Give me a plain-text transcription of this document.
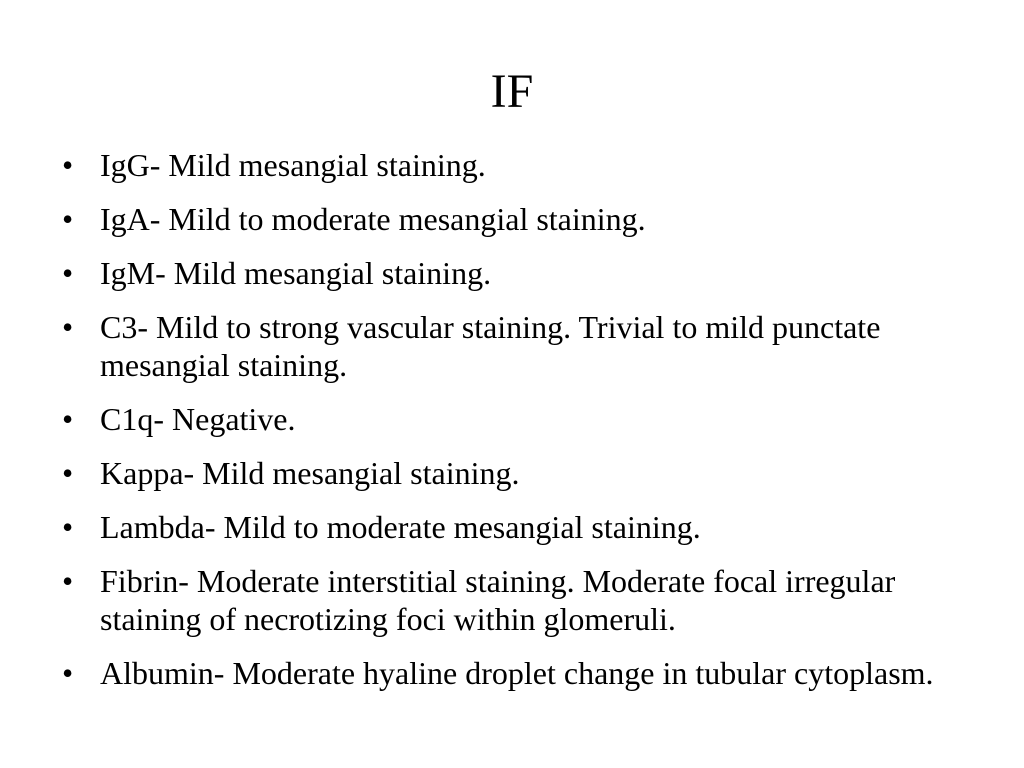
IF
• IgG- Mild mesangial staining.
• IgA- Mild to moderate mesangial staining.
• IgM- Mild mesangial staining.
• C3- Mild to strong vascular staining. Trivial to mild punctate mesangial staining.
• C1q- Negative.
• Kappa- Mild mesangial staining.
• Lambda- Mild to moderate mesangial staining.
• Fibrin- Moderate interstitial staining. Moderate focal irregular staining of necrotizing foci within glomeruli.
• Albumin- Moderate hyaline droplet change in tubular cytoplasm.
